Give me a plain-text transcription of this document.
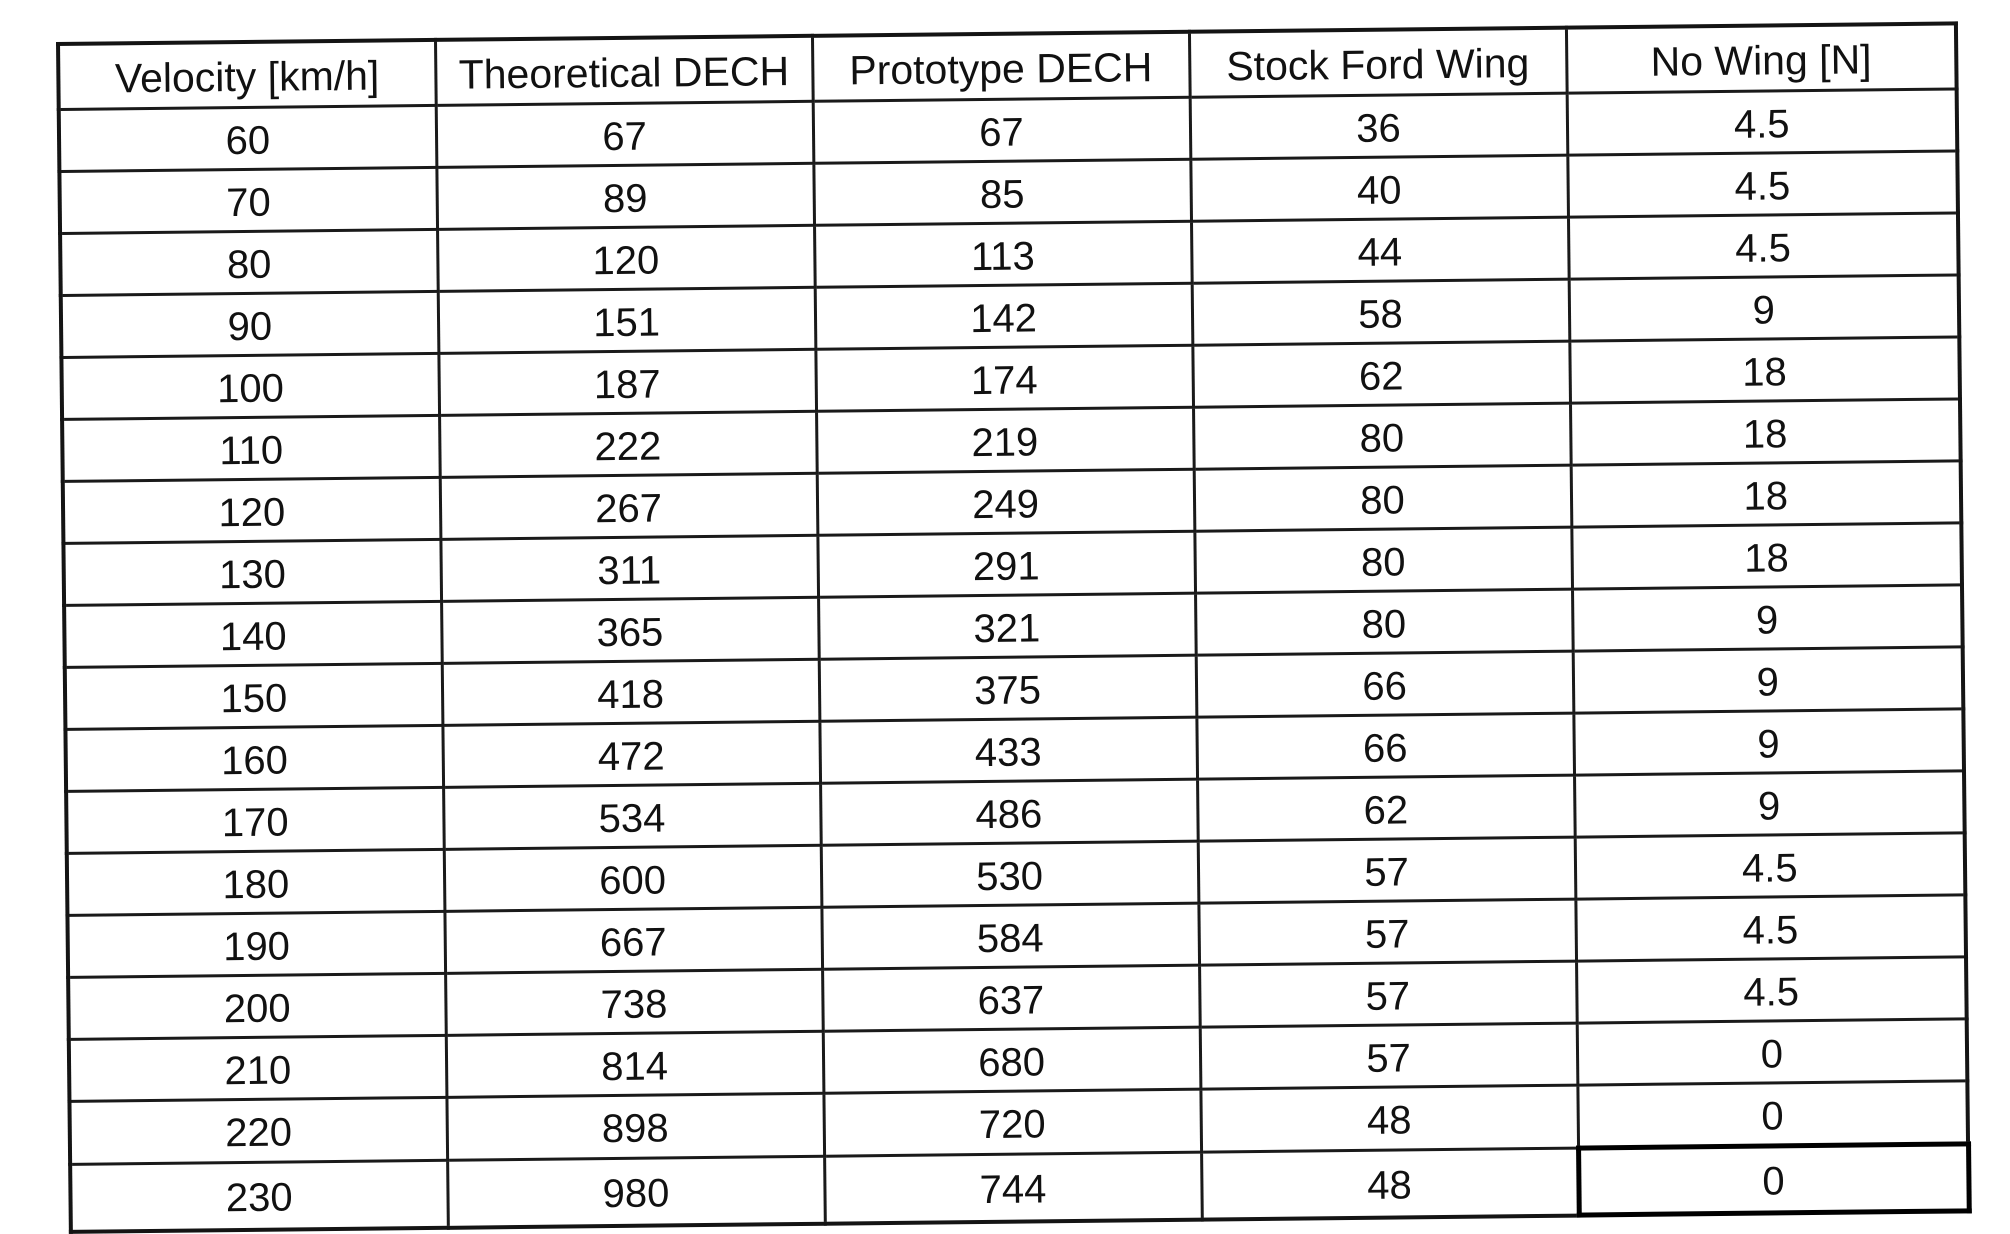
Velocity [km/h]	Theoretical DECH	Prototype DECH	Stock Ford Wing	No Wing [N]
60	67	67	36	4.5
70	89	85	40	4.5
80	120	113	44	4.5
90	151	142	58	9
100	187	174	62	18
110	222	219	80	18
120	267	249	80	18
130	311	291	80	18
140	365	321	80	9
150	418	375	66	9
160	472	433	66	9
170	534	486	62	9
180	600	530	57	4.5
190	667	584	57	4.5
200	738	637	57	4.5
210	814	680	57	0
220	898	720	48	0
230	980	744	48	0
